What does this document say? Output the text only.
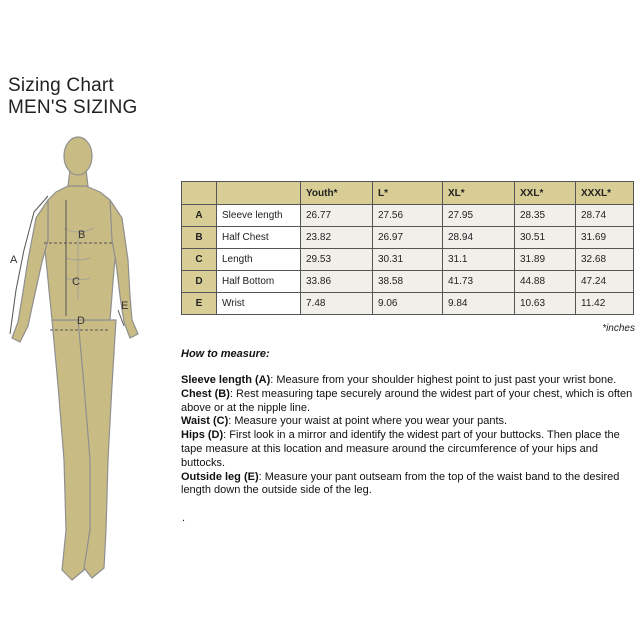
Sizing Chart
MEN'S SIZING
A
B
C
D
E
		Youth*	L*	XL*	XXL*	XXXL*
A	Sleeve length	26.77	27.56	27.95	28.35	28.74
B	Half Chest	23.82	26.97	28.94	30.51	31.69
C	Length	29.53	30.31	31.1	31.89	32.68
D	Half Bottom	33.86	38.58	41.73	44.88	47.24
E	Wrist	7.48	9.06	9.84	10.63	11.42
*inches
How to measure:

Sleeve length (A): Measure from your shoulder highest point to just past your wrist bone.

Chest (B): Rest measuring tape securely around the widest part of your chest, which is often above or at the nipple line.

Waist (C): Measure your waist at point where you wear your pants.

Hips (D): First look in a mirror and identify the widest part of your buttocks. Then place the tape measure at this location and measure around the circumference of your hips and buttocks.

Outside leg (E): Measure your pant outseam from the top of the waist band to the desired length down the outside side of the leg.

.
